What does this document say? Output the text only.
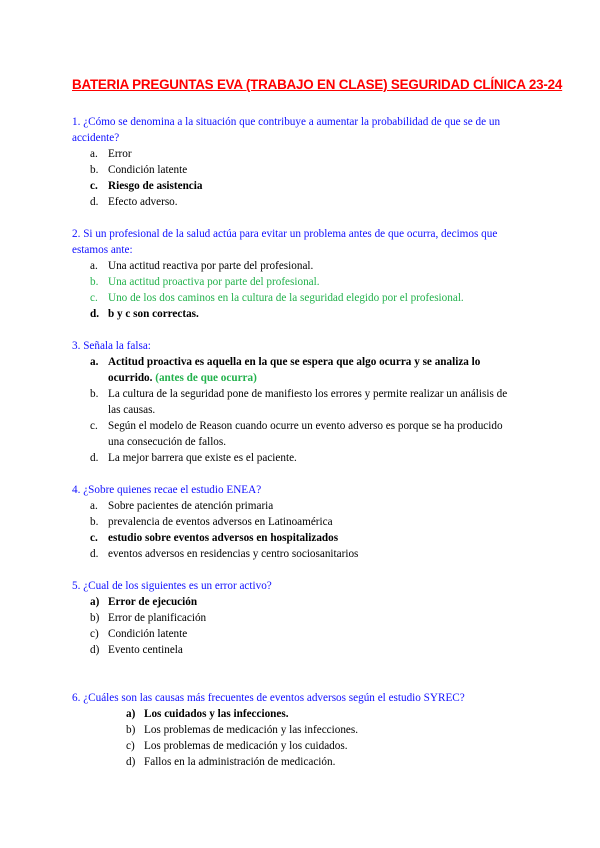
BATERIA PREGUNTAS EVA (TRABAJO EN CLASE) SEGURIDAD CLÍNICA 23-24
1. ¿Cómo se denomina a la situación que contribuye a aumentar la probabilidad de que se de un accidente?
a. Error
b. Condición latente
c. Riesgo de asistencia
d. Efecto adverso.
2. Si un profesional de la salud actúa para evitar un problema antes de que ocurra, decimos que estamos ante:
a. Una actitud reactiva por parte del profesional.
b. Una actitud proactiva por parte del profesional.
c. Uno de los dos caminos en la cultura de la seguridad elegido por el profesional.
d. b y c son correctas.
3. Señala la falsa:
a. Actitud proactiva es aquella en la que se espera que algo ocurra y se analiza lo ocurrido. (antes de que ocurra)
b. La cultura de la seguridad pone de manifiesto los errores y permite realizar un análisis de las causas.
c. Según el modelo de Reason cuando ocurre un evento adverso es porque se ha producido una consecución de fallos.
d. La mejor barrera que existe es el paciente.
4. ¿Sobre quienes recae el estudio ENEA?
a. Sobre pacientes de atención primaria
b. prevalencia de eventos adversos en Latinoamérica
c. estudio sobre eventos adversos en hospitalizados
d. eventos adversos en residencias y centro sociosanitarios
5. ¿Cual de los siguientes es un error activo?
a) Error de ejecución
b) Error de planificación
c) Condición latente
d) Evento centinela
6. ¿Cuáles son las causas más frecuentes de eventos adversos según el estudio SYREC?
a) Los cuidados y las infecciones.
b) Los problemas de medicación y las infecciones.
c) Los problemas de medicación y los cuidados.
d) Fallos en la administración de medicación.
